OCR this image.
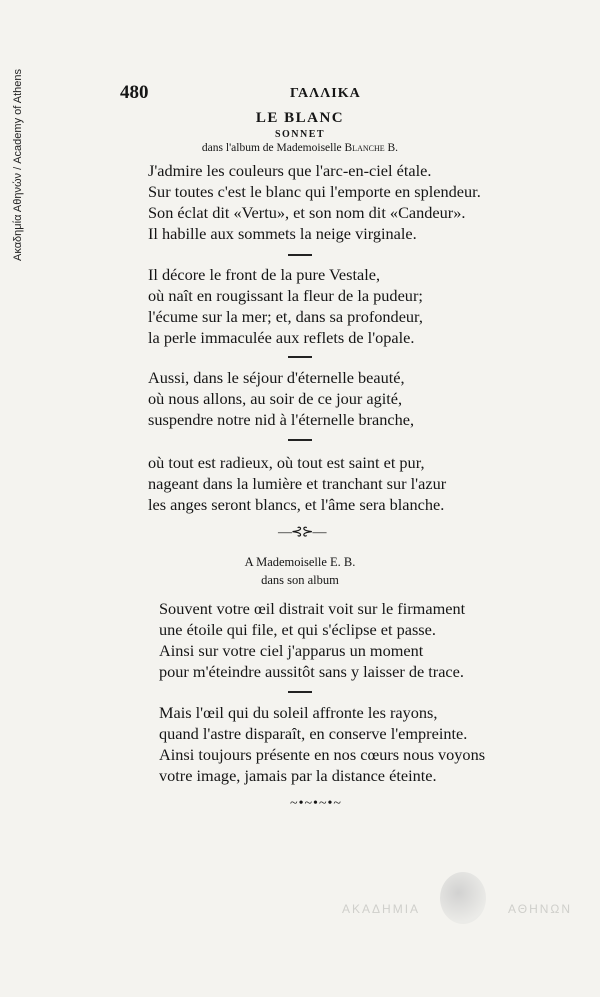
Ακαδημία Αθηνών / Academy of Athens	480	ΓΑΛΛΙΚΑ
LE BLANC
SONNET
dans l'album de Mademoiselle Blanche B.
J'admire les couleurs que l'arc-en-ciel étale.
Sur toutes c'est le blanc qui l'emporte en splendeur.
Son éclat dit «Vertu», et son nom dit «Candeur».
Il habille aux sommets la neige virginale.
Il décore le front de la pure Vestale,
où naît en rougissant la fleur de la pudeur;
l'écume sur la mer; et, dans sa profondeur,
la perle immaculée aux reflets de l'opale.
Aussi, dans le séjour d'éternelle beauté,
où nous allons, au soir de ce jour agité,
suspendre notre nid à l'éternelle branche,
où tout est radieux, où tout est saint et pur,
nageant dans la lumière et tranchant sur l'azur
les anges seront blancs, et l'âme sera blanche.
—⊰⊱—
A Mademoiselle E. B.
dans son album
Souvent votre œil distrait voit sur le firmament
une étoile qui file, et qui s'éclipse et passe.
Ainsi sur votre ciel j'apparus un moment
pour m'éteindre aussitôt sans y laisser de trace.
Mais l'œil qui du soleil affronte les rayons,
quand l'astre disparaît, en conserve l'empreinte.
Ainsi toujours présente en nos cœurs nous voyons
votre image, jamais par la distance éteinte.
~•~•~•~
ΑΚΑΔΗΜΙΑ	ΑΘΗΝΩΝ
